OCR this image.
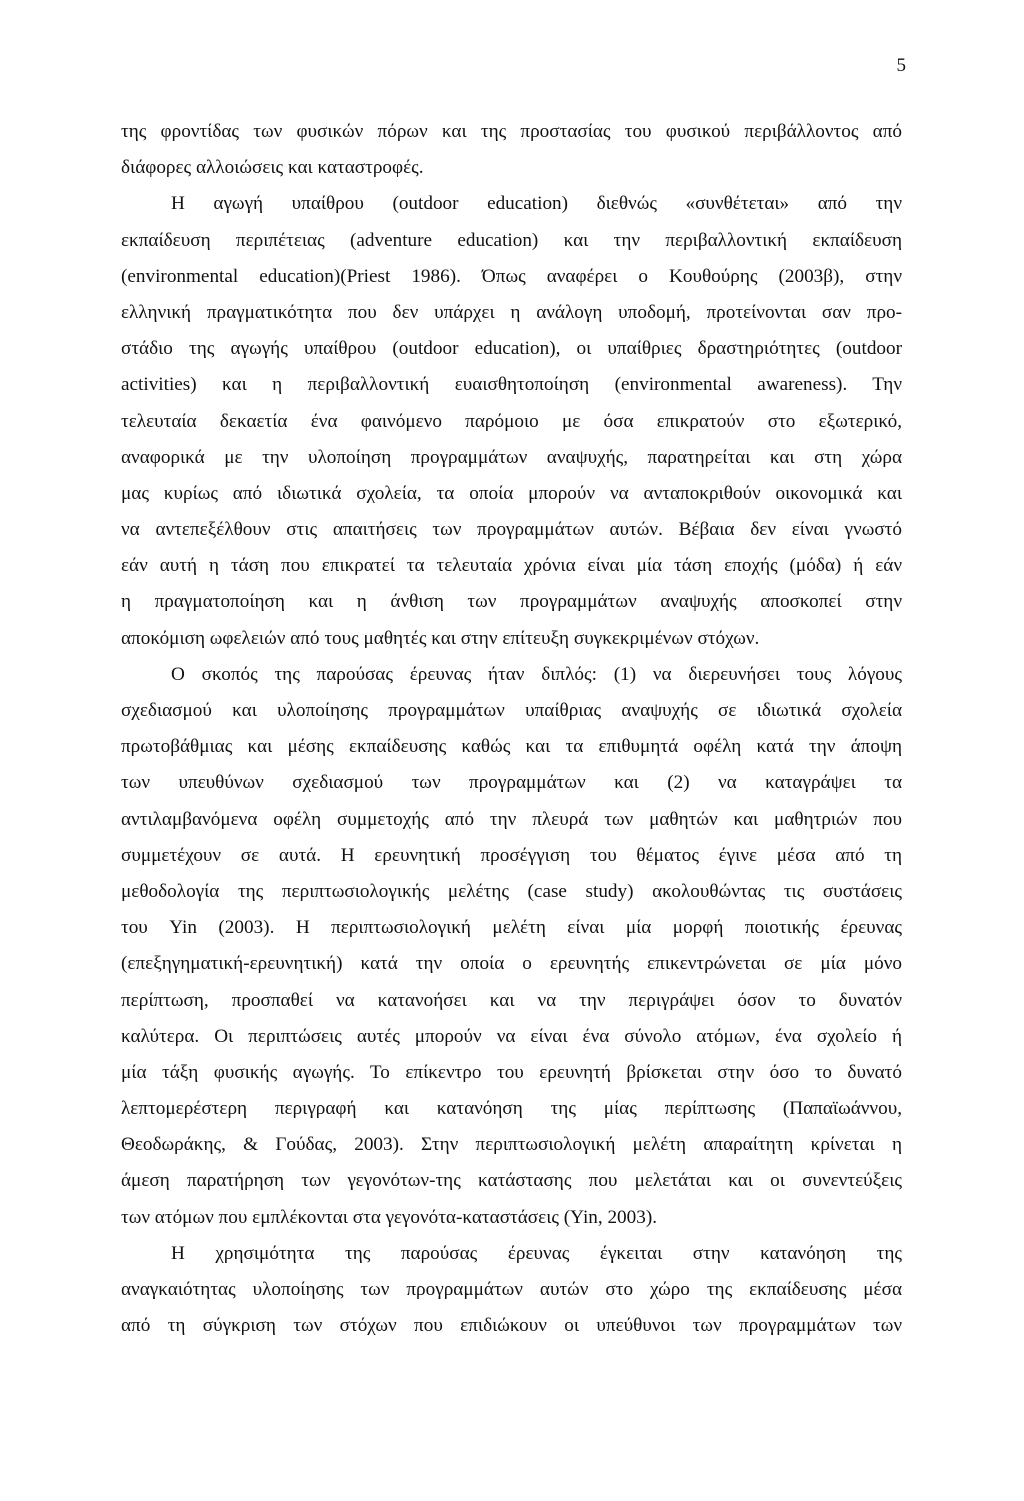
5
της φροντίδας των φυσικών πόρων και της προστασίας του φυσικού περιβάλλοντος από
διάφορες αλλοιώσεις και καταστροφές.
Η αγωγή υπαίθρου (outdoor education) διεθνώς «συνθέτεται» από την
εκπαίδευση περιπέτειας (adventure education) και την περιβαλλοντική εκπαίδευση
(environmental education)(Priest 1986). Όπως αναφέρει ο Κουθούρης (2003β), στην
ελληνική πραγματικότητα που δεν υπάρχει η ανάλογη υποδομή, προτείνονται σαν προ-
στάδιο της αγωγής υπαίθρου (outdoor education), οι υπαίθριες δραστηριότητες (outdoor
activities) και η περιβαλλοντική ευαισθητοποίηση (environmental awareness). Την
τελευταία δεκαετία ένα φαινόμενο παρόμοιο με όσα επικρατούν στο εξωτερικό,
αναφορικά με την υλοποίηση προγραμμάτων αναψυχής, παρατηρείται και στη χώρα
μας κυρίως από ιδιωτικά σχολεία, τα οποία μπορούν να ανταποκριθούν οικονομικά και
να αντεπεξέλθουν στις απαιτήσεις των προγραμμάτων αυτών. Βέβαια δεν είναι γνωστό
εάν αυτή η τάση που επικρατεί τα τελευταία χρόνια είναι μία τάση εποχής (μόδα) ή εάν
η πραγματοποίηση και η άνθιση των προγραμμάτων αναψυχής αποσκοπεί στην
αποκόμιση ωφελειών από τους μαθητές και στην επίτευξη συγκεκριμένων στόχων.
Ο σκοπός της παρούσας έρευνας ήταν διπλός: (1) να διερευνήσει τους λόγους
σχεδιασμού και υλοποίησης προγραμμάτων υπαίθριας αναψυχής σε ιδιωτικά σχολεία
πρωτοβάθμιας και μέσης εκπαίδευσης καθώς και τα επιθυμητά οφέλη κατά την άποψη
των υπευθύνων σχεδιασμού των προγραμμάτων και (2) να καταγράψει τα
αντιλαμβανόμενα οφέλη συμμετοχής από την πλευρά των μαθητών και μαθητριών που
συμμετέχουν σε αυτά. Η ερευνητική προσέγγιση του θέματος έγινε μέσα από τη
μεθοδολογία της περιπτωσιολογικής μελέτης (case study) ακολουθώντας τις συστάσεις
του Yin (2003). Η περιπτωσιολογική μελέτη είναι μία μορφή ποιοτικής έρευνας
(επεξηγηματική-ερευνητική) κατά την οποία ο ερευνητής επικεντρώνεται σε μία μόνο
περίπτωση, προσπαθεί να κατανοήσει και να την περιγράψει όσον το δυνατόν
καλύτερα. Οι περιπτώσεις αυτές μπορούν να είναι ένα σύνολο ατόμων, ένα σχολείο ή
μία τάξη φυσικής αγωγής. Το επίκεντρο του ερευνητή βρίσκεται στην όσο το δυνατό
λεπτομερέστερη περιγραφή και κατανόηση της μίας περίπτωσης (Παπαϊωάννου,
Θεοδωράκης, & Γούδας, 2003). Στην περιπτωσιολογική μελέτη απαραίτητη κρίνεται η
άμεση παρατήρηση των γεγονότων-της κατάστασης που μελετάται και οι συνεντεύξεις
των ατόμων που εμπλέκονται στα γεγονότα-καταστάσεις (Yin, 2003).
Η χρησιμότητα της παρούσας έρευνας έγκειται στην κατανόηση της
αναγκαιότητας υλοποίησης των προγραμμάτων αυτών στο χώρο της εκπαίδευσης μέσα
από τη σύγκριση των στόχων που επιδιώκουν οι υπεύθυνοι των προγραμμάτων των
